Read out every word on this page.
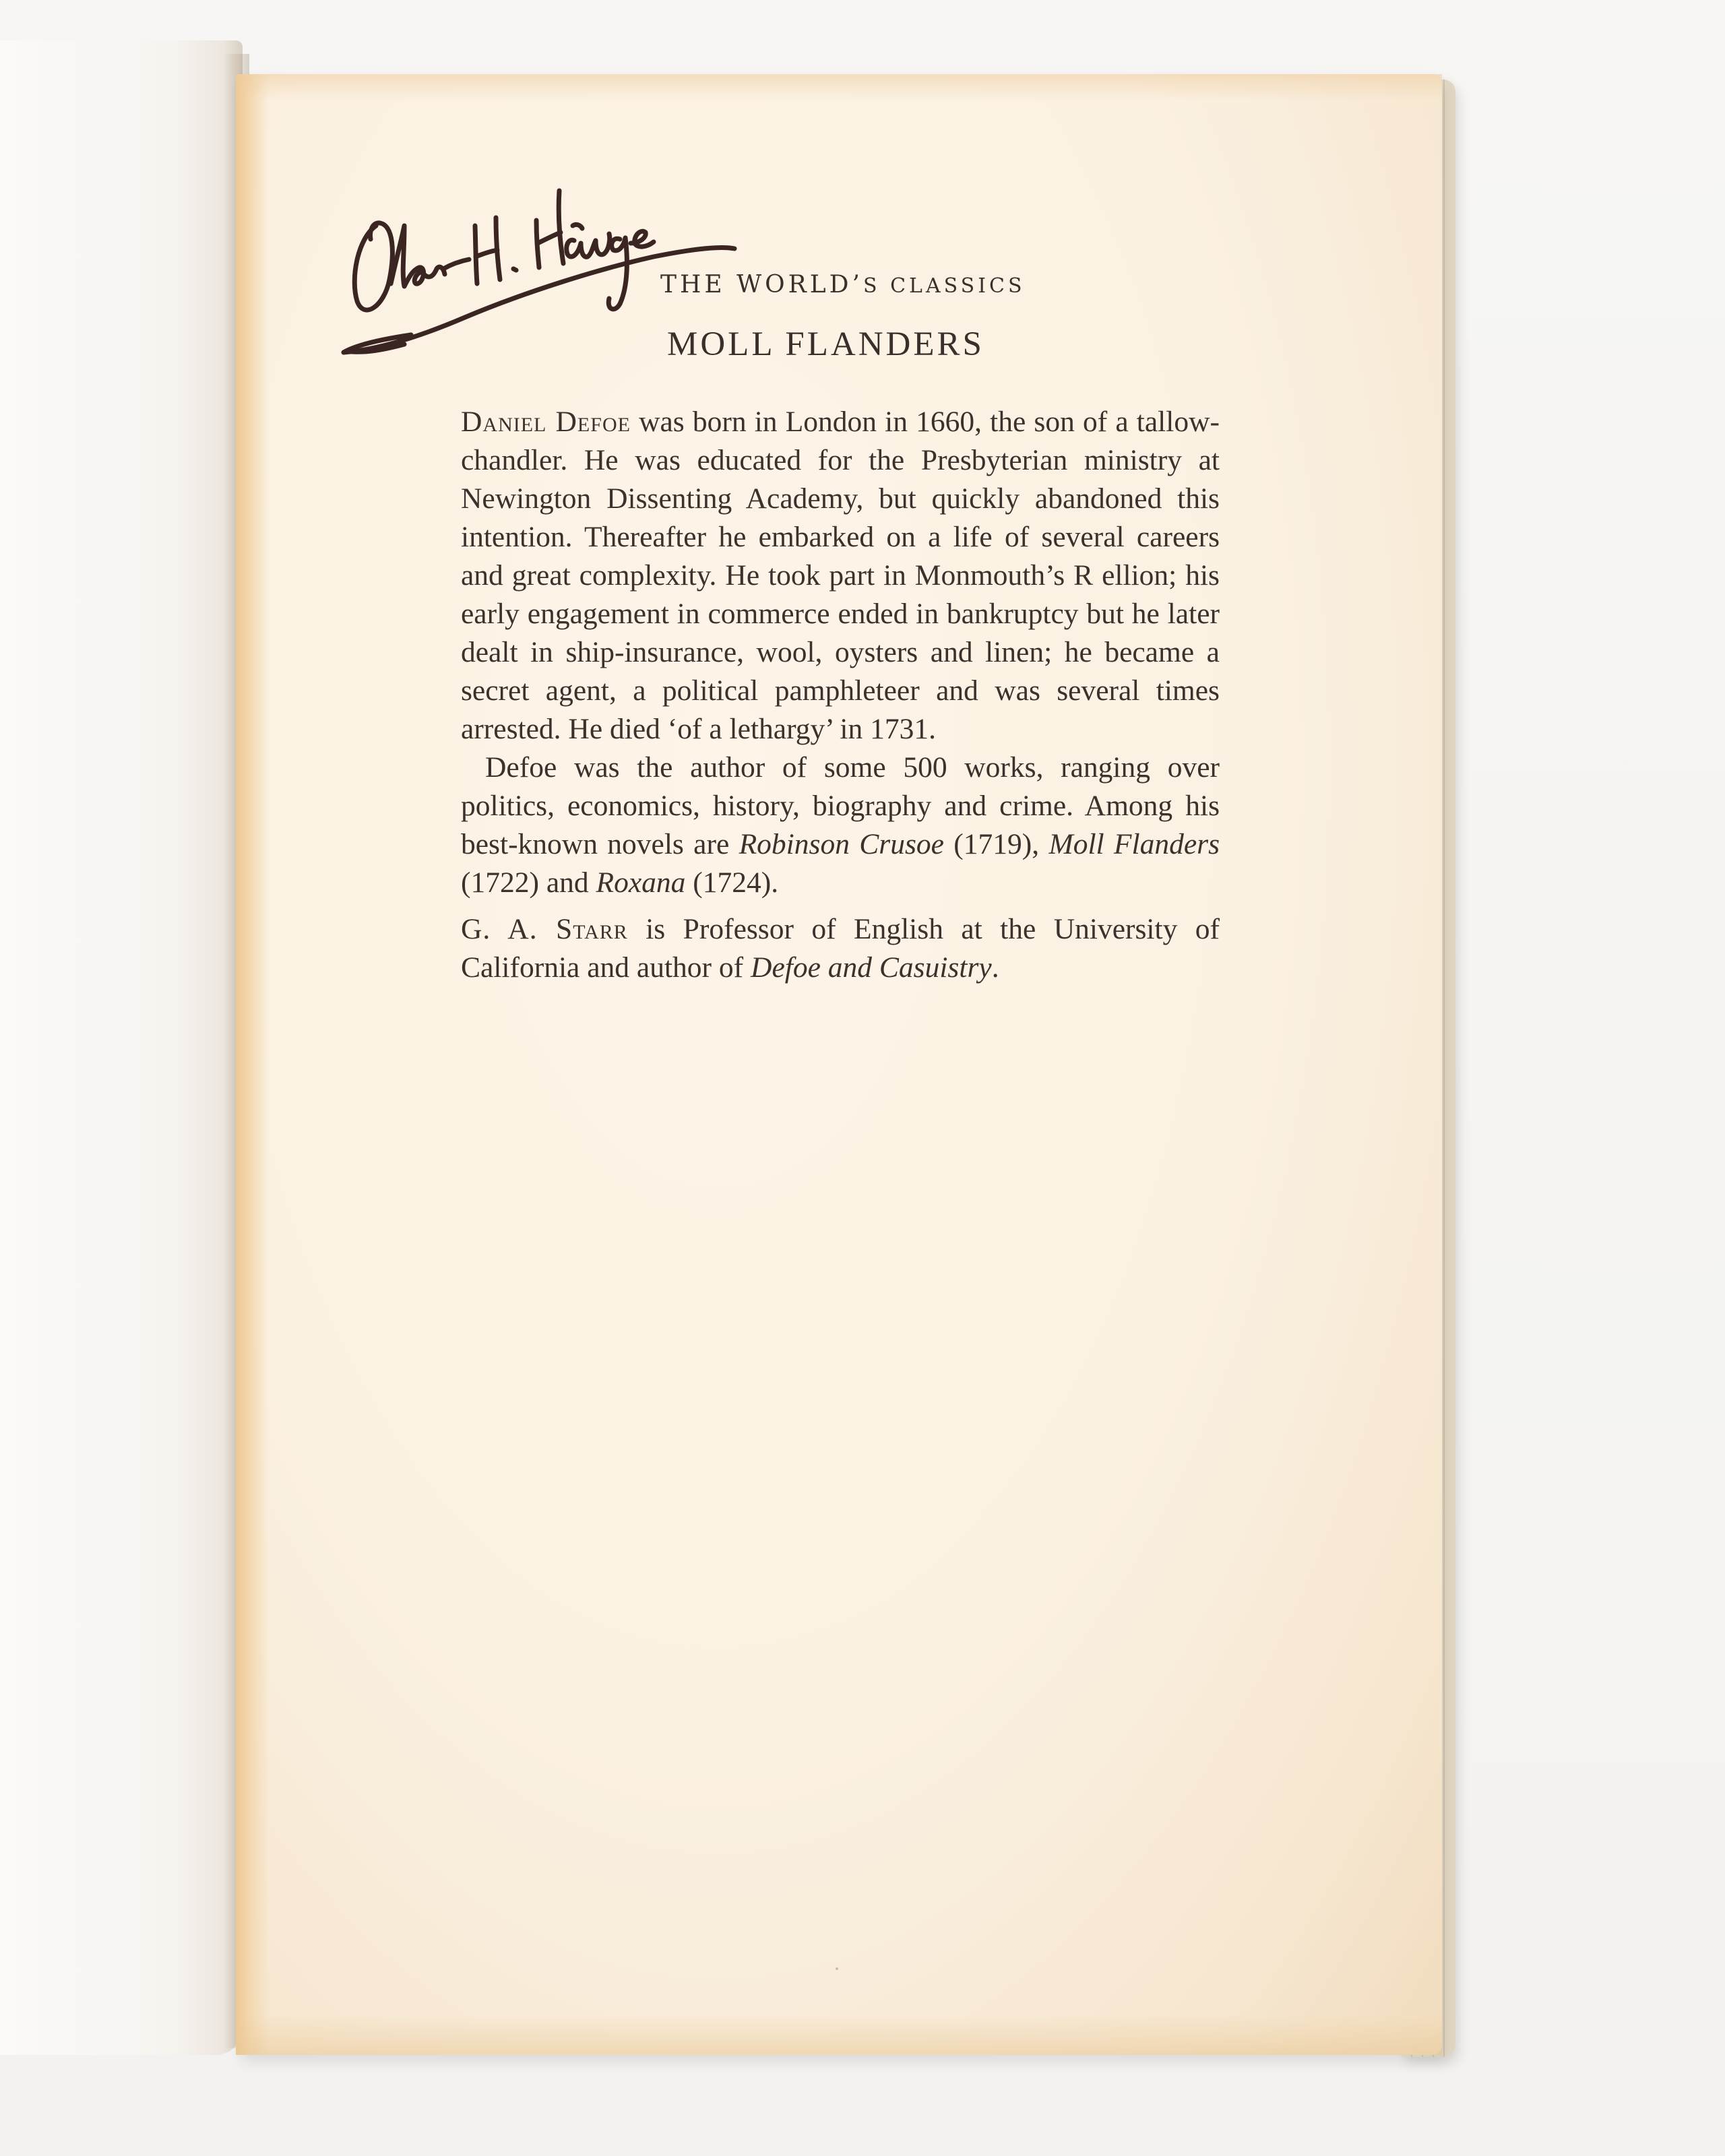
THE WORLD’S CLASSICS
MOLL FLANDERS

Daniel Defoe was born in London in 1660, the son of a tallow-chandler. He was educated for the Presbyterian ministry at Newington Dissenting Academy, but quickly abandoned this intention. Thereafter he embarked on a life of several careers and great complexity. He took part in Monmouth’s R ellion; his early engagement in commerce ended in bankruptcy but he later dealt in ship-insurance, wool, oysters and linen; he became a secret agent, a political pamphleteer and was several times arrested. He died ‘of a lethargy’ in 1731.

Defoe was the author of some 500 works, ranging over politics, economics, history, biography and crime. Among his best-known novels are Robinson Crusoe (1719), Moll Flanders (1722) and Roxana (1724).

G. A. Starr is Professor of English at the University of California and author of Defoe and Casuistry.
